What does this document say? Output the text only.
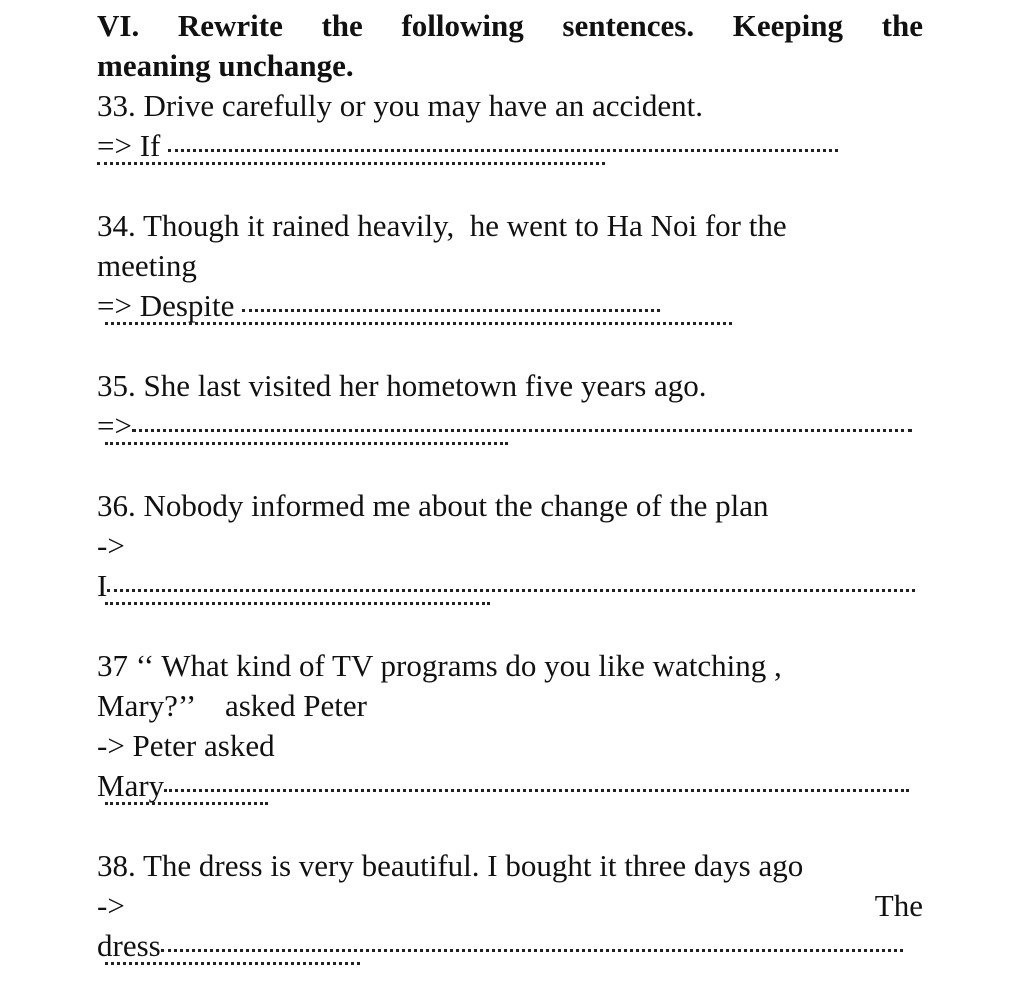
VI. Rewrite the following sentences. Keeping the
meaning unchange.
33. Drive carefully or you may have an accident.
=> If
34. Though it rained heavily,  he went to Ha Noi for the
meeting
=> Despite
35. She last visited her hometown five years ago.
=>
36. Nobody informed me about the change of the plan
->
I
37 ‘‘ What kind of TV programs do you like watching ,
Mary?’’    asked Peter
-> Peter asked
Mary
38. The dress is very beautiful. I bought it three days ago
->	The
dress
